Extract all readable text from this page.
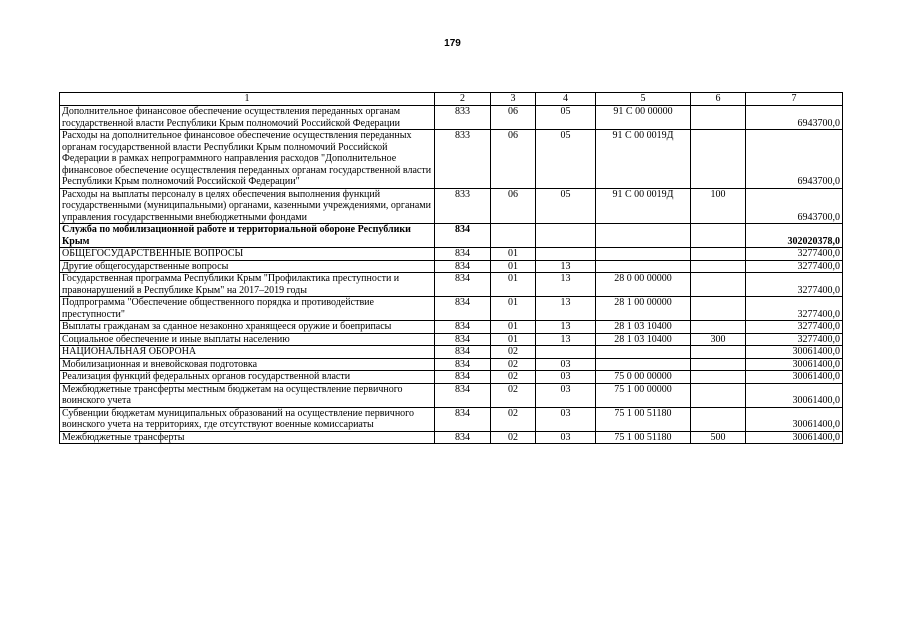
179
1	2	3	4	5	6	7
Дополнительное финансовое обеспечение осуществления переданных органам государственной власти Республики Крым полномочий Российской Федерации	833	06	05	91 С 00 00000		6943700,0
Расходы на дополнительное финансовое обеспечение осуществления переданных органам государственной власти Республики Крым полномочий Российской Федерации в рамках непрограммного направления расходов "Дополнительное финансовое обеспечение осуществления переданных органам государственной власти Республики Крым полномочий Российской Федерации"	833	06	05	91 С 00 0019Д		6943700,0
Расходы на выплаты персоналу в целях обеспечения выполнения функций государственными (муниципальными) органами, казенными учреждениями, органами управления государственными внебюджетными фондами	833	06	05	91 С 00 0019Д	100	6943700,0
Служба по мобилизационной работе и территориальной обороне Республики Крым	834					302020378,0
ОБЩЕГОСУДАРСТВЕННЫЕ ВОПРОСЫ	834	01				3277400,0
Другие общегосударственные вопросы	834	01	13			3277400,0
Государственная программа Республики Крым "Профилактика преступности и правонарушений в Республике Крым" на 2017–2019 годы	834	01	13	28 0 00 00000		3277400,0
Подпрограмма "Обеспечение общественного порядка и противодействие преступности"	834	01	13	28 1 00 00000		3277400,0
Выплаты гражданам за сданное незаконно хранящееся оружие и боеприпасы	834	01	13	28 1 03 10400		3277400,0
Социальное обеспечение и иные выплаты населению	834	01	13	28 1 03 10400	300	3277400,0
НАЦИОНАЛЬНАЯ ОБОРОНА	834	02				30061400,0
Мобилизационная и вневойсковая подготовка	834	02	03			30061400,0
Реализация функций федеральных органов государственной власти	834	02	03	75 0 00 00000		30061400,0
Межбюджетные трансферты местным бюджетам на осуществление первичного воинского учета	834	02	03	75 1 00 00000		30061400,0
Субвенции бюджетам муниципальных образований на осуществление первичного воинского учета на территориях, где отсутствуют военные комиссариаты	834	02	03	75 1 00 51180		30061400,0
Межбюджетные трансферты	834	02	03	75 1 00 51180	500	30061400,0
